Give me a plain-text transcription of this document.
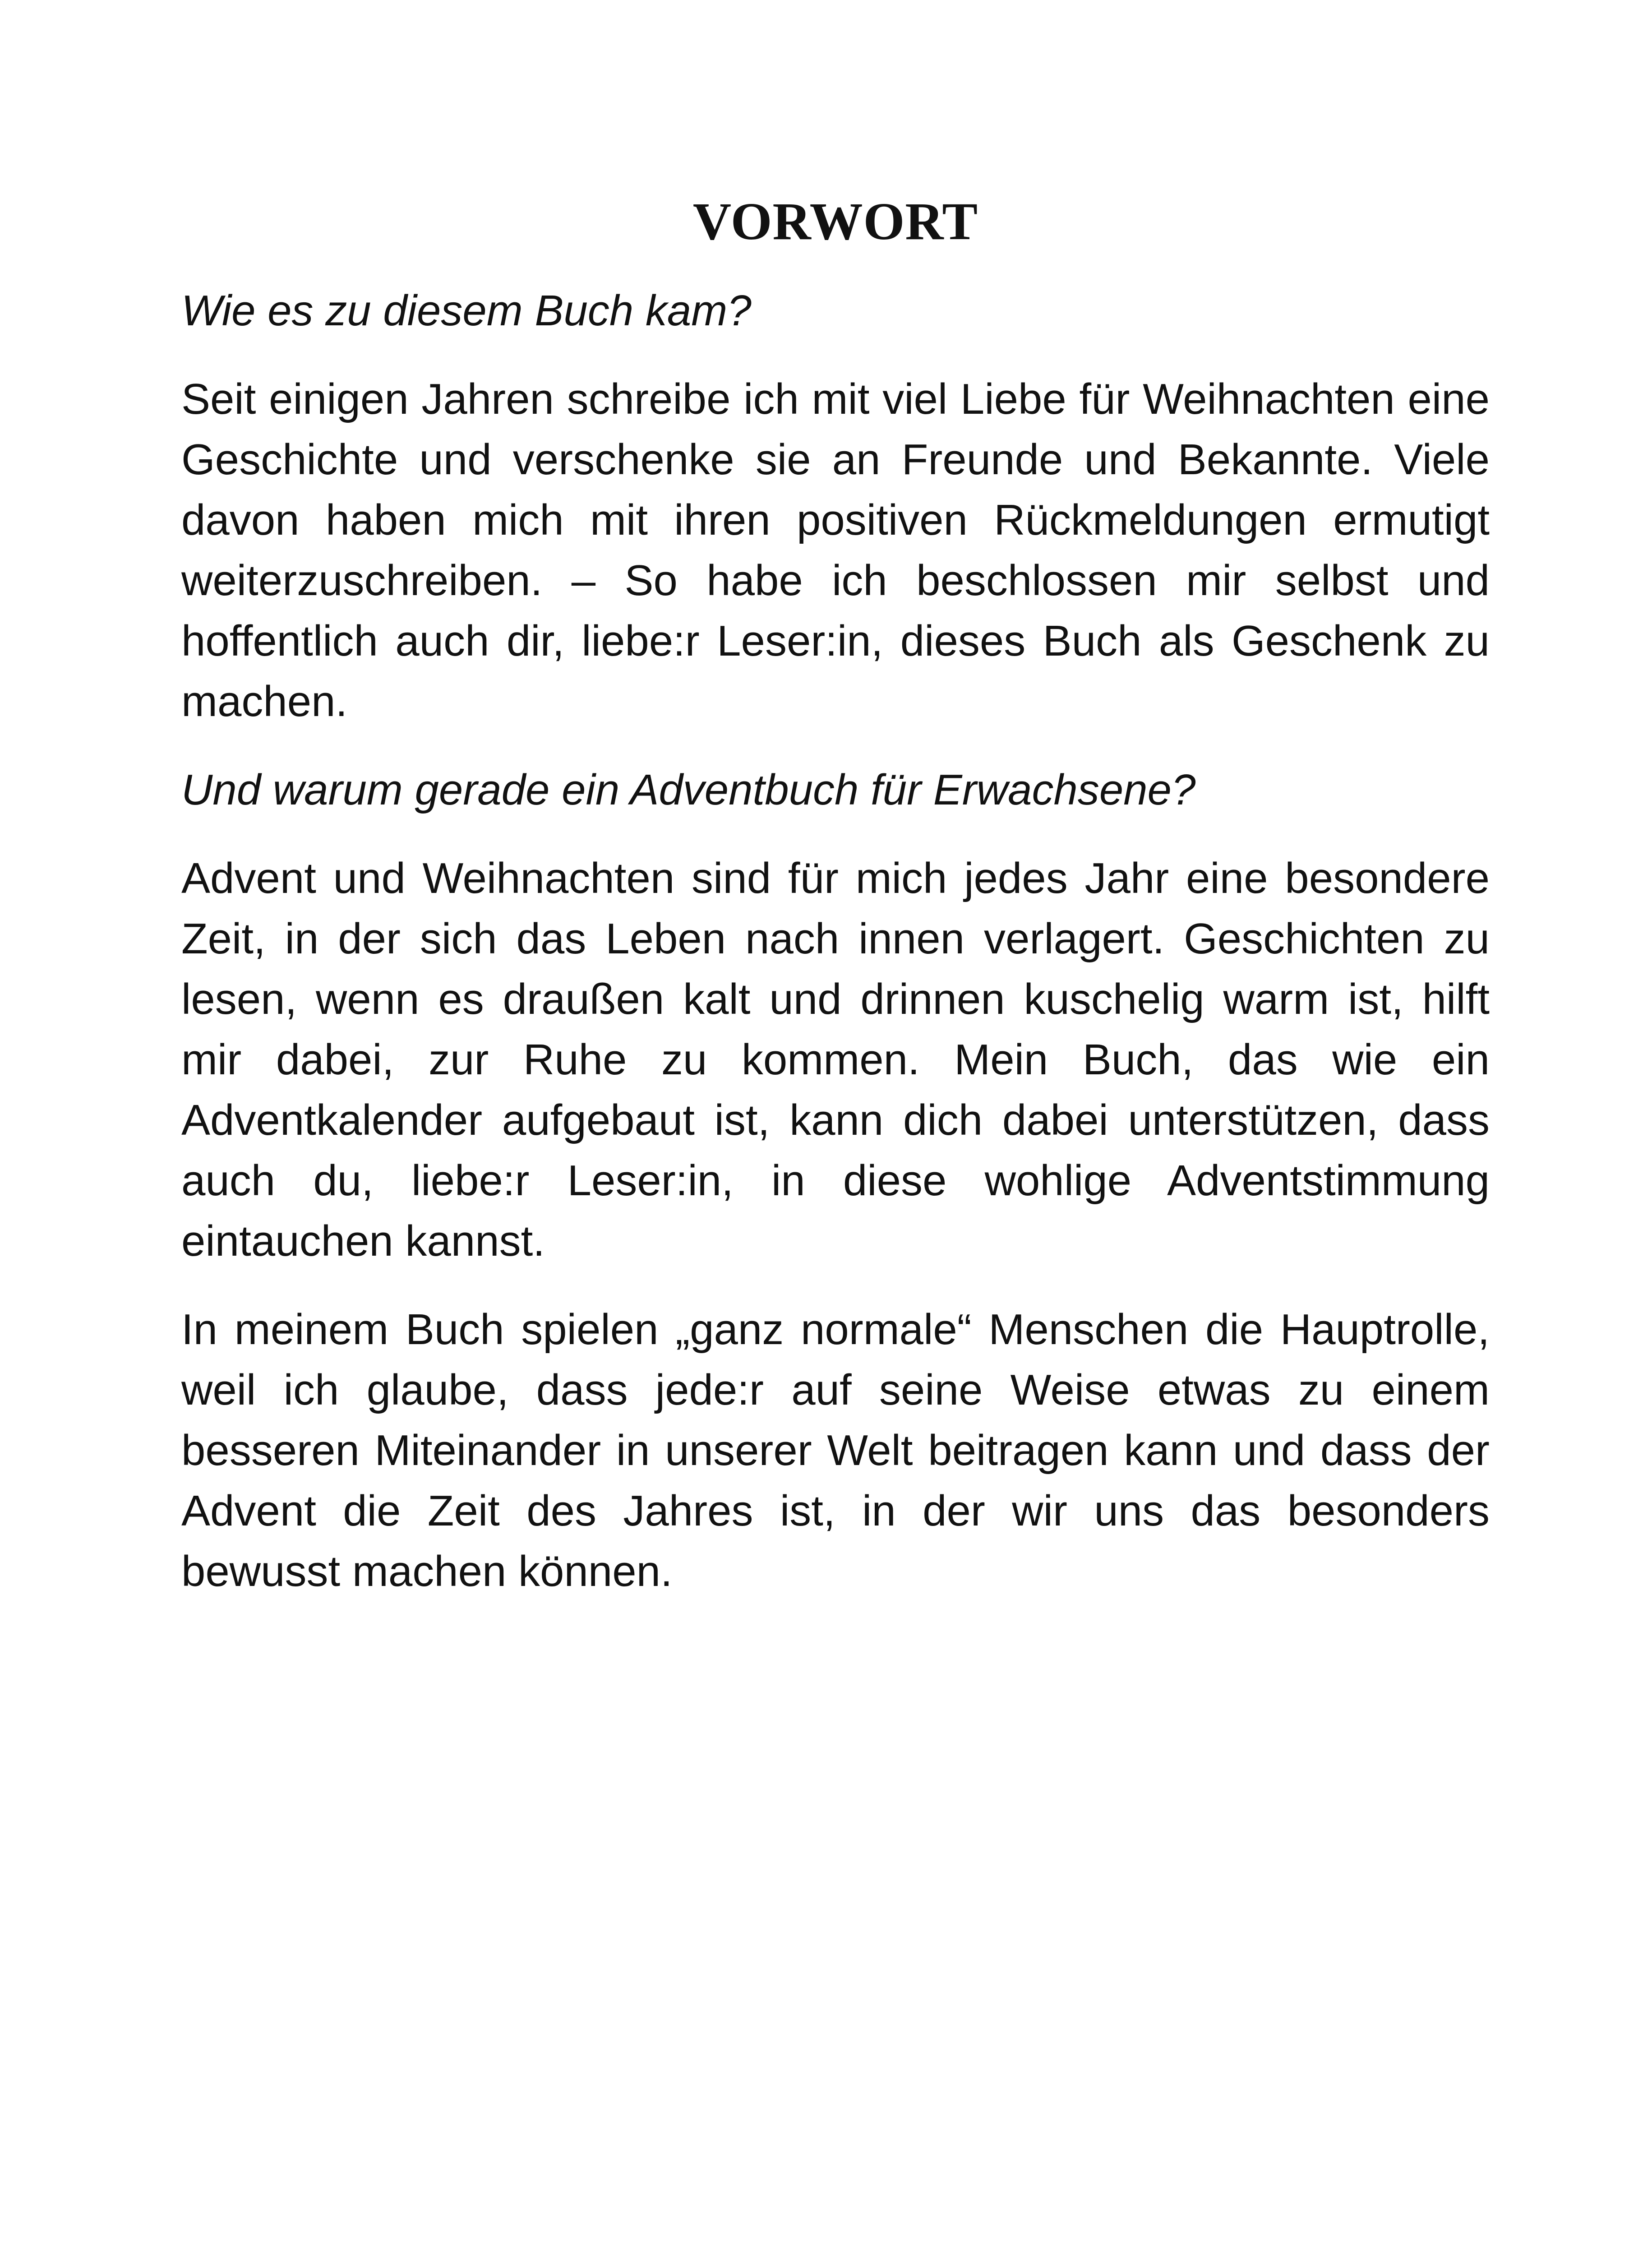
VORWORT

Wie es zu diesem Buch kam?

Seit einigen Jahren schreibe ich mit viel Liebe für Weihnachten eine Geschichte und verschenke sie an Freunde und Bekannte. Viele davon haben mich mit ihren positiven Rückmeldungen ermutigt weiterzuschreiben. – So habe ich beschlossen mir selbst und hoffentlich auch dir, liebe:r Leser:in, dieses Buch als Geschenk zu machen.

Und warum gerade ein Adventbuch für Erwachsene?

Advent und Weihnachten sind für mich jedes Jahr eine besondere Zeit, in der sich das Leben nach innen verlagert. Geschichten zu lesen, wenn es draußen kalt und drinnen kuschelig warm ist, hilft mir dabei, zur Ruhe zu kommen. Mein Buch, das wie ein Adventkalender aufgebaut ist, kann dich dabei unterstützen, dass auch du, liebe:r Leser:in, in diese wohlige Adventstimmung eintauchen kannst.

In meinem Buch spielen „ganz normale“ Menschen die Hauptrolle, weil ich glaube, dass jede:r auf seine Weise etwas zu einem besseren Miteinander in unserer Welt beitragen kann und dass der Advent die Zeit des Jahres ist, in der wir uns das besonders bewusst machen können.
